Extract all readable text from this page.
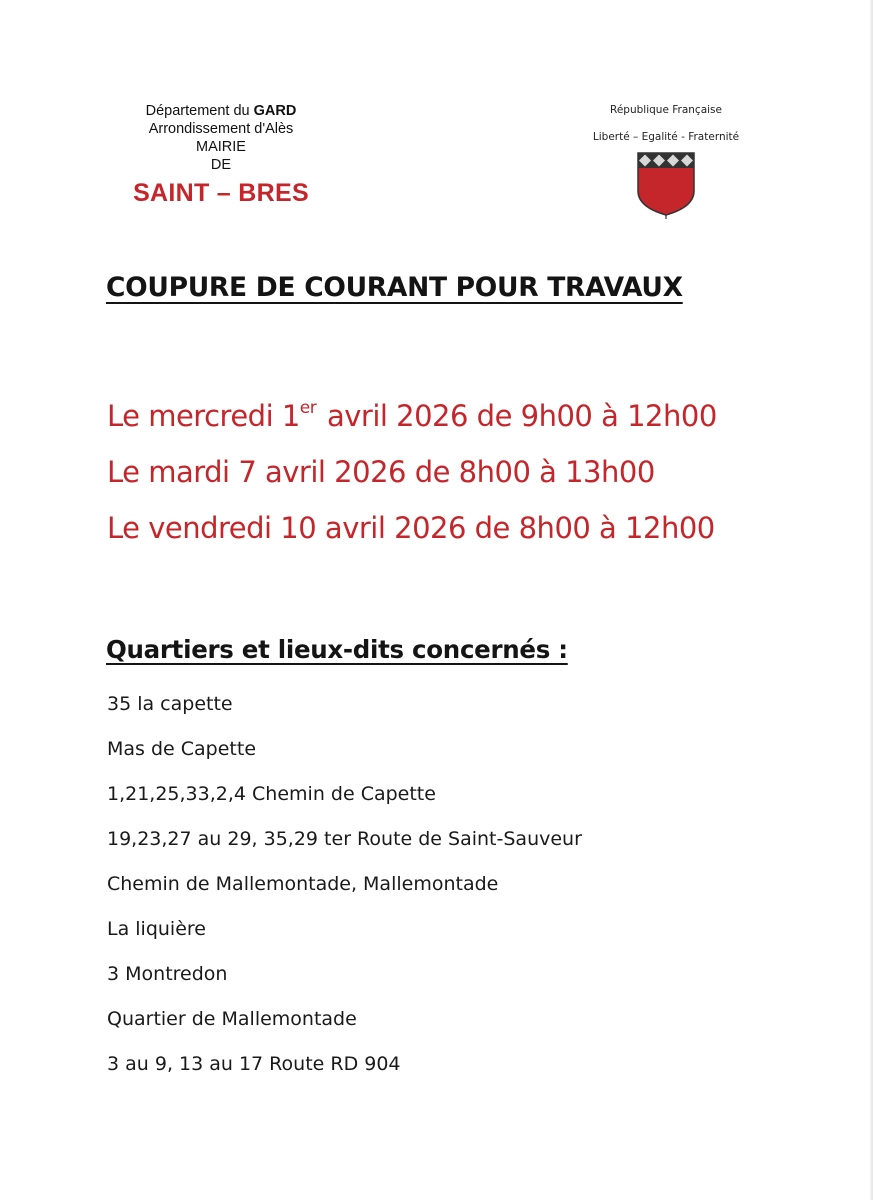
Département du GARD
Arrondissement d'Alès
MAIRIE
DE
SAINT – BRES
République Française
Liberté – Egalité - Fraternité
COUPURE DE COURANT POUR TRAVAUX
Le mercredi 1er avril 2026 de 9h00 à 12h00
Le mardi 7 avril 2026 de 8h00 à 13h00
Le vendredi 10 avril 2026 de 8h00 à 12h00
Quartiers et lieux-dits concernés :
35 la capette
Mas de Capette
1,21,25,33,2,4 Chemin de Capette
19,23,27 au 29, 35,29 ter Route de Saint-Sauveur
Chemin de Mallemontade, Mallemontade
La liquière
3 Montredon
Quartier de Mallemontade
3 au 9, 13 au 17 Route RD 904
